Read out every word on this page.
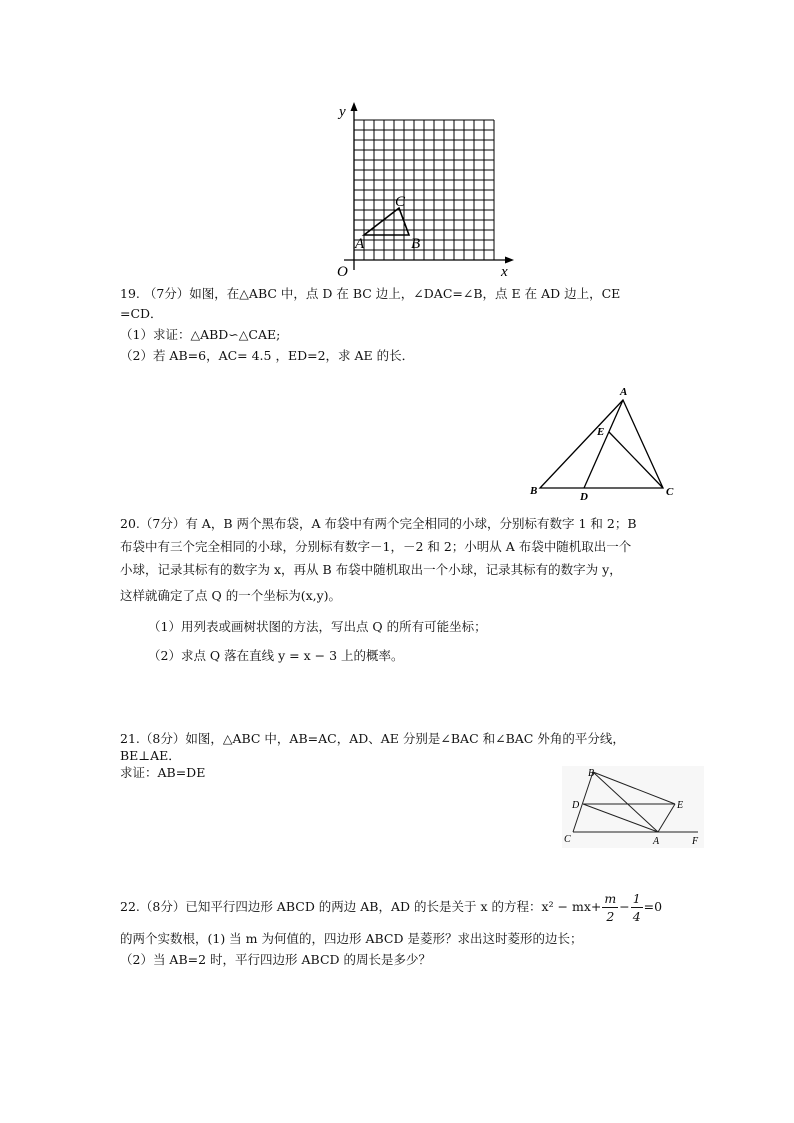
y
x
O
A	B
C
19. （7分）如图，在△ABC 中，点 D 在 BC 边上，∠DAC=∠B，点 E 在 AD 边上，CE
=CD．
（1）求证：△ABD∽△CAE;
（2）若 AB=6，AC= 4.5 ，ED=2，求 AE 的长．
A
B	C
D
E
20.（7分）有 A，B 两个黑布袋，A 布袋中有两个完全相同的小球，分别标有数字 1 和 2；B
布袋中有三个完全相同的小球，分别标有数字－1，－2 和 2；小明从 A 布袋中随机取出一个
小球，记录其标有的数字为 x，再从 B 布袋中随机取出一个小球，记录其标有的数字为 y，
这样就确定了点 Q 的一个坐标为(x,y)。
（1）用列表或画树状图的方法，写出点 Q 的所有可能坐标；
（2）求点 Q 落在直线 y = x − 3 上的概率。
21.（8分）如图，△ABC 中，AB=AC，AD、AE 分别是∠BAC 和∠BAC 外角的平分线，
BE⊥AE．
求证：AB=DE	B
D	E
C	A	F
22.（8分）已知平行四边形 ABCD 的两边 AB，AD 的长是关于 x 的方程：$x^2 - mx+ \frac{m}{2} - \frac{1}{4} =0$
的两个实数根，(1) 当 m 为何值的，四边形 ABCD 是菱形？求出这时菱形的边长；
（2）当 AB=2 时，平行四边形 ABCD 的周长是多少？
